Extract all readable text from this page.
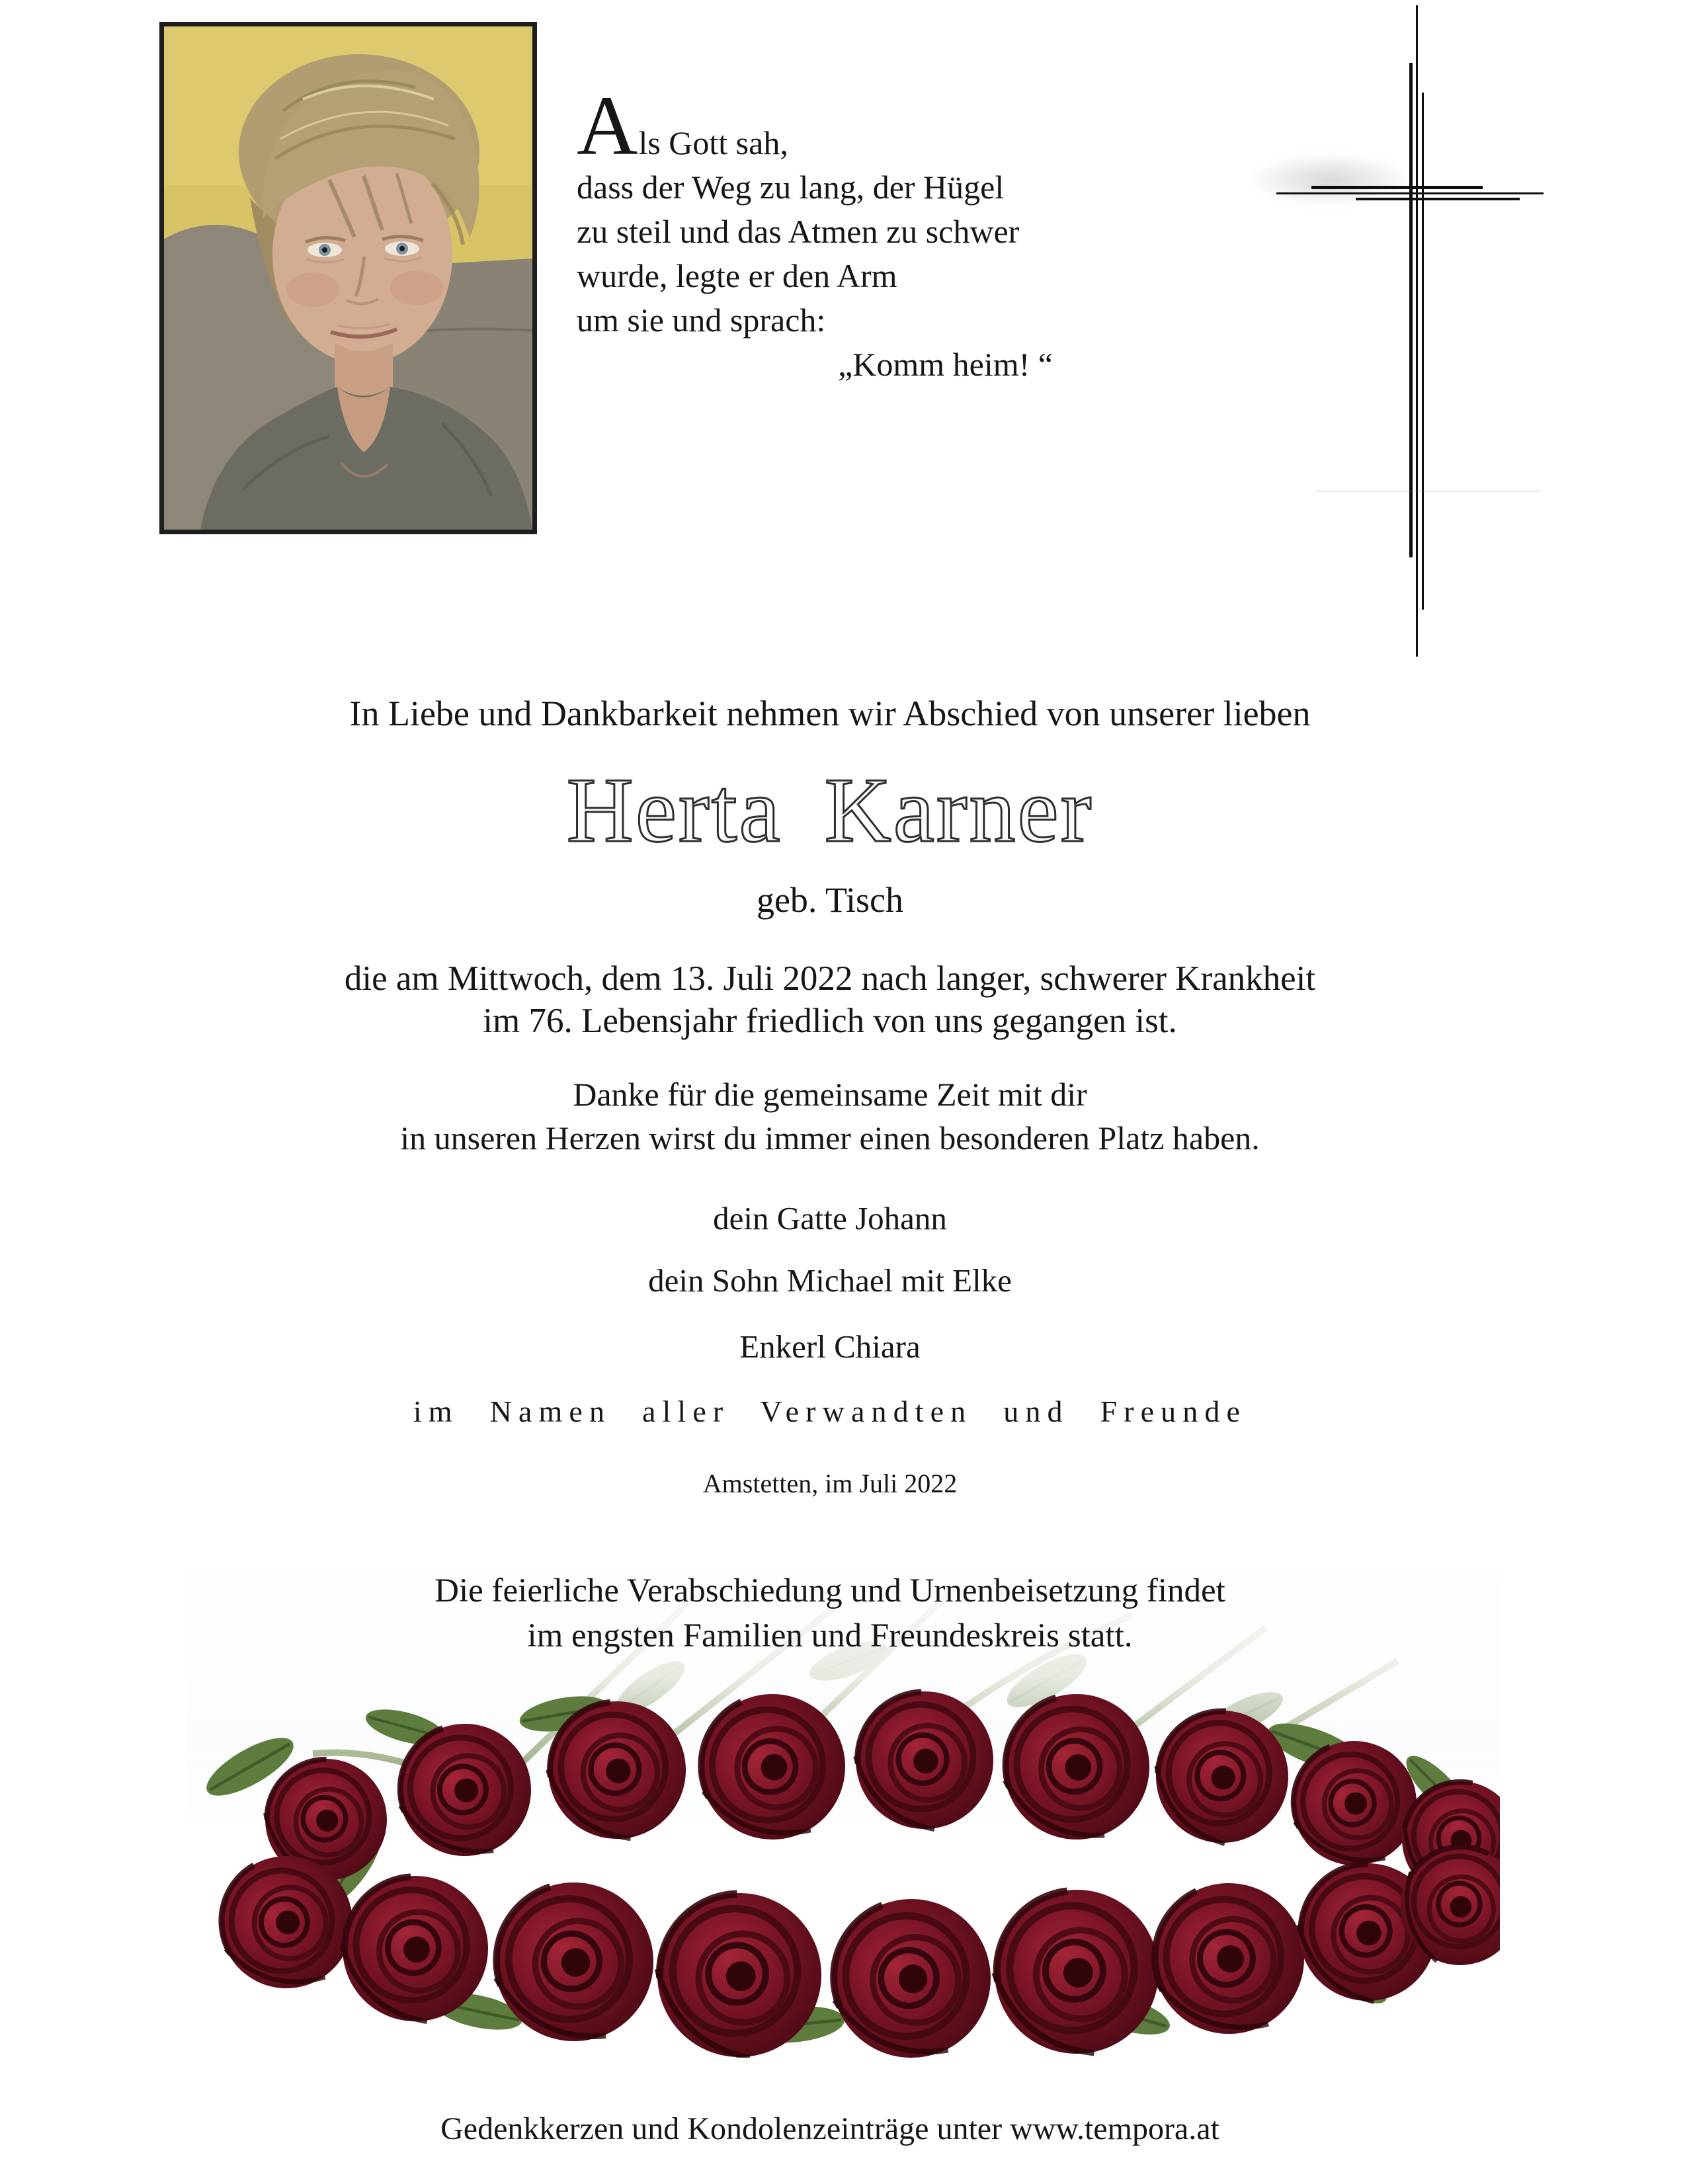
Als Gott sah,
dass der Weg zu lang, der Hügel
zu steil und das Atmen zu schwer
wurde, legte er den Arm
um sie und sprach:
„Komm heim! “
In Liebe und Dankbarkeit nehmen wir Abschied von unserer lieben
Herta Karner
geb. Tisch
die am Mittwoch, dem 13. Juli 2022 nach langer, schwerer Krankheit
im 76. Lebensjahr friedlich von uns gegangen ist.
Danke für die gemeinsame Zeit mit dir
in unseren Herzen wirst du immer einen besonderen Platz haben.
dein Gatte Johann
dein Sohn Michael mit Elke
Enkerl Chiara
im Namen aller Verwandten und Freunde
Amstetten, im Juli 2022
Die feierliche Verabschiedung und Urnenbeisetzung findet
im engsten Familien und Freundeskreis statt.
Gedenkkerzen und Kondolenzeinträge unter www.tempora.at
